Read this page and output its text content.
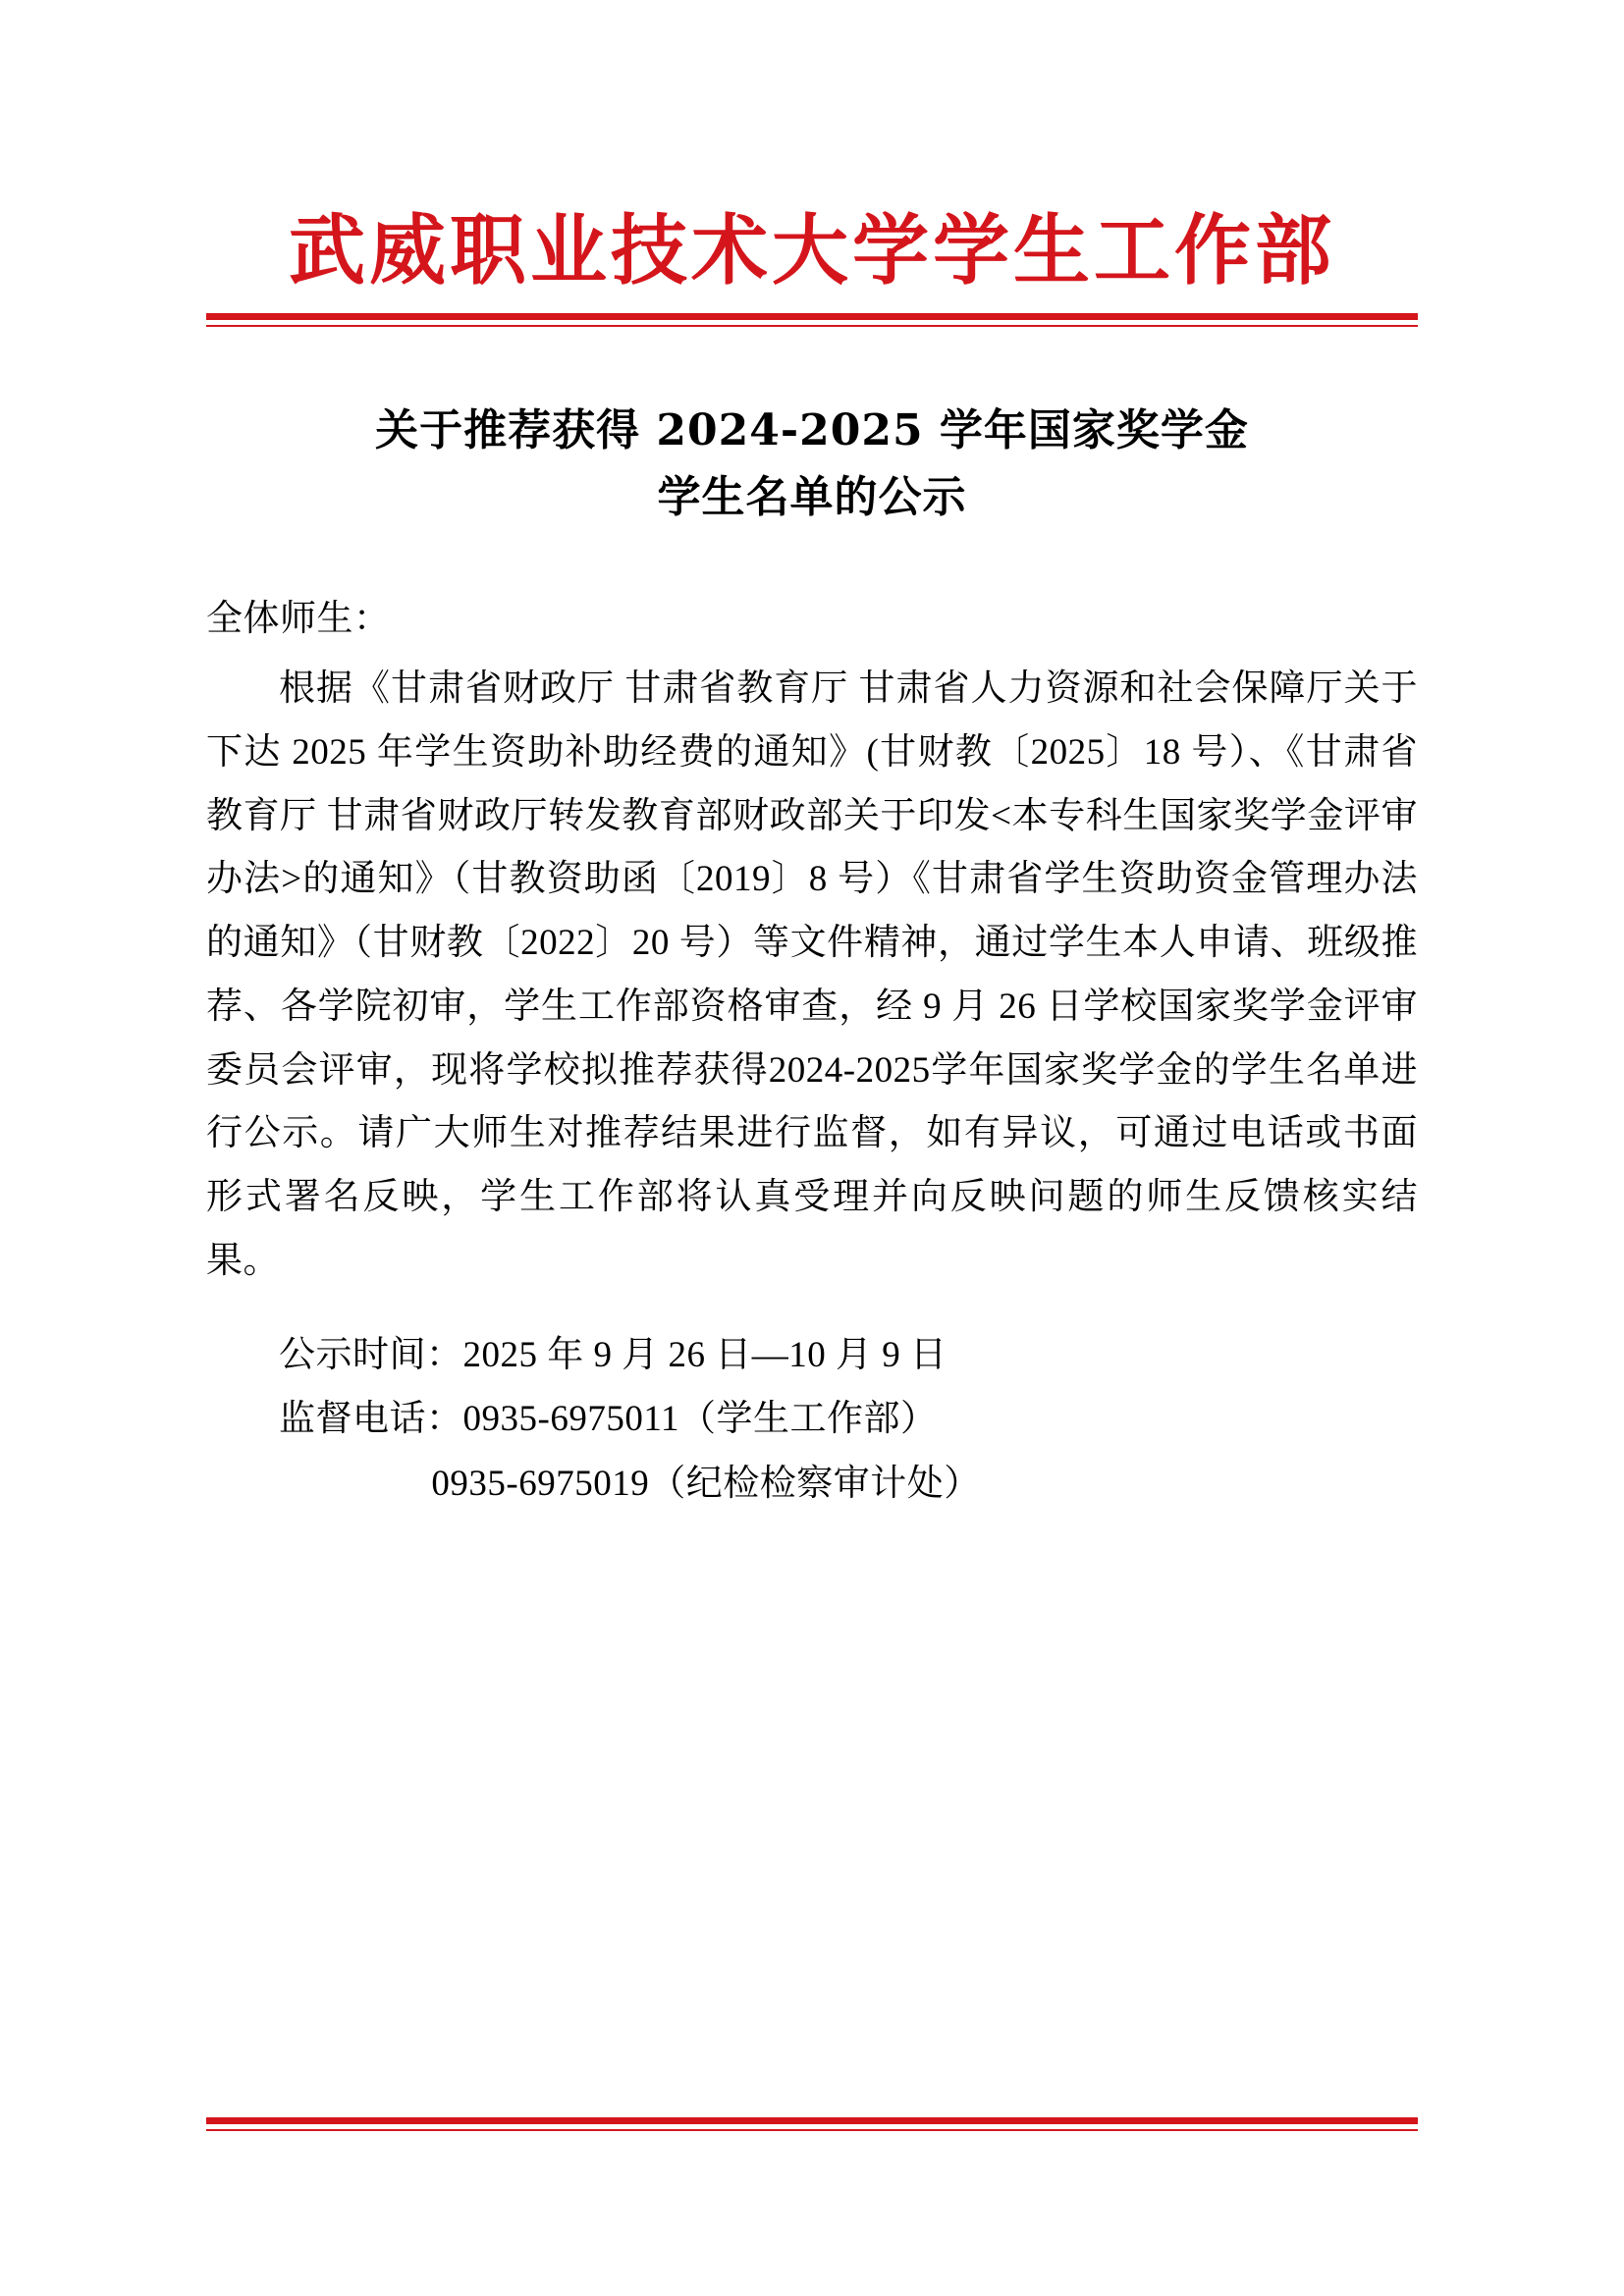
武威职业技术大学学生工作部
关于推荐获得 2024-2025 学年国家奖学金
学生名单的公示
全体师生：
根据《甘肃省财政厅 甘肃省教育厅 甘肃省人力资源和社会保障厅关于下达 2025 年学生资助补助经费的通知》(甘财教〔2025〕18 号）、《甘肃省教育厅 甘肃省财政厅转发教育部财政部关于印发<本专科生国家奖学金评审办法>的通知》（甘教资助函〔2019〕8 号）《甘肃省学生资助资金管理办法的通知》（甘财教〔2022〕20 号）等文件精神，通过学生本人申请、班级推荐、各学院初审，学生工作部资格审查，经 9 月 26 日学校国家奖学金评审委员会评审，现将学校拟推荐获得2024-2025学年国家奖学金的学生名单进行公示。请广大师生对推荐结果进行监督，如有异议，可通过电话或书面形式署名反映，学生工作部将认真受理并向反映问题的师生反馈核实结果。
公示时间：2025 年 9 月 26 日—10 月 9 日
监督电话：0935-6975011（学生工作部）
0935-6975019（纪检检察审计处）
